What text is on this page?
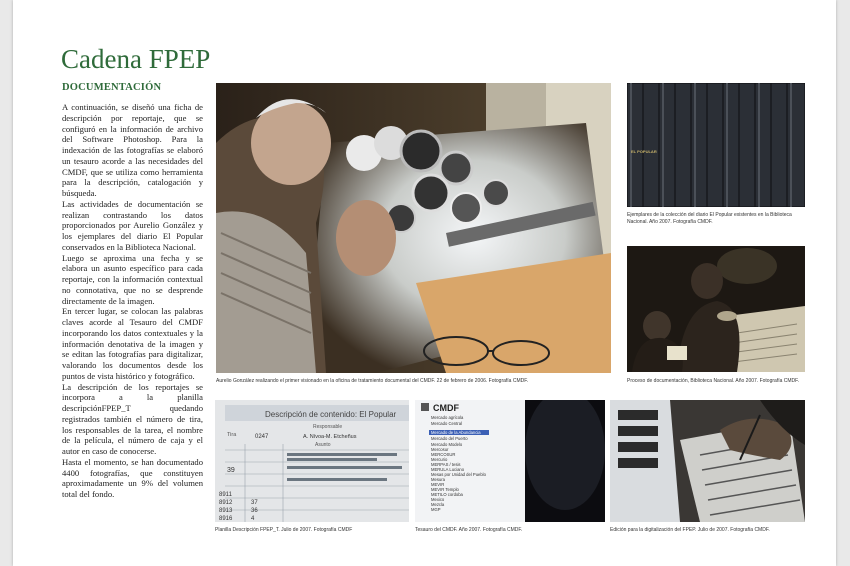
Cadena FPEP
DOCUMENTACIÓN

A continuación, se diseñó una ficha de descripción por reportaje, que se configuró en la información de archivo del Software Photoshop. Para la indexación de las fotografías se elaboró un tesauro acorde a las necesidades del CMDF, que se utiliza como herramienta para la descripción, catalogación y búsqueda.

Las actividades de documentación se realizan contrastando los datos proporcionados por Aurelio González y los ejemplares del diario El Popular conservados en la Biblioteca Nacional.

Luego se aproxima una fecha y se elabora un asunto específico para cada reportaje, con la información contextual no connotativa, que no se desprende directamente de la imagen.

En tercer lugar, se colocan las palabras claves acorde al Tesauro del CMDF incorporando los datos contextuales y la información denotativa de la imagen y se editan las fotografías para digitalizar, valorando los documentos desde los puntos de vista histórico y fotográfico.

La descripción de los reportajes se incorpora a la planilla descripciónFPEP_T quedando registrados también el número de tira, los responsables de la tarea, el nombre de la película, el número de caja y el autor en caso de conocerse.

Hasta el momento, se han documentado 4400 fotografías, que constituyen aproximadamente un 9% del volumen total del fondo.

Aurelio González realizando el primer visionado en la oficina de tratamiento documental del CMDF. 22 de febrero de 2006. Fotografía CMDF.
EL POPULAR
Ejemplares de la colección del diario El Popular existentes en la Biblioteca Nacional. Año 2007. Fotografía CMDF.
Proceso de documentación, Biblioteca Nacional. Año 2007. Fotografía CMDF.
Descripción de contenido: El Popular
Responsable
Tira	0247	A. Nívoa-M. Etcheñus
Asunto
39
8911
8912
8913
8916
37
36
4
Planilla Descripción FPEP_T. Julio de 2007. Fotografía CMDF
CMDF
Mercado agrícola
Mercado Central
Mercado de la Abundancia
Mercado del Puerto
Mercado Modelo
Mercosur
MERCOSUR
Mercurio
MERPAS / tesis
MERULA Luciano
Mesas por Unidad del Pueblo
Mesura
MEVIR
MEVIR Templo
METILO cordoba
Mexico
Mezcla
MGP
Tesauro del CMDF. Año 2007. Fotografía CMDF.	Edición para la digitalización del FPEP. Julio de 2007. Fotografía CMDF.
